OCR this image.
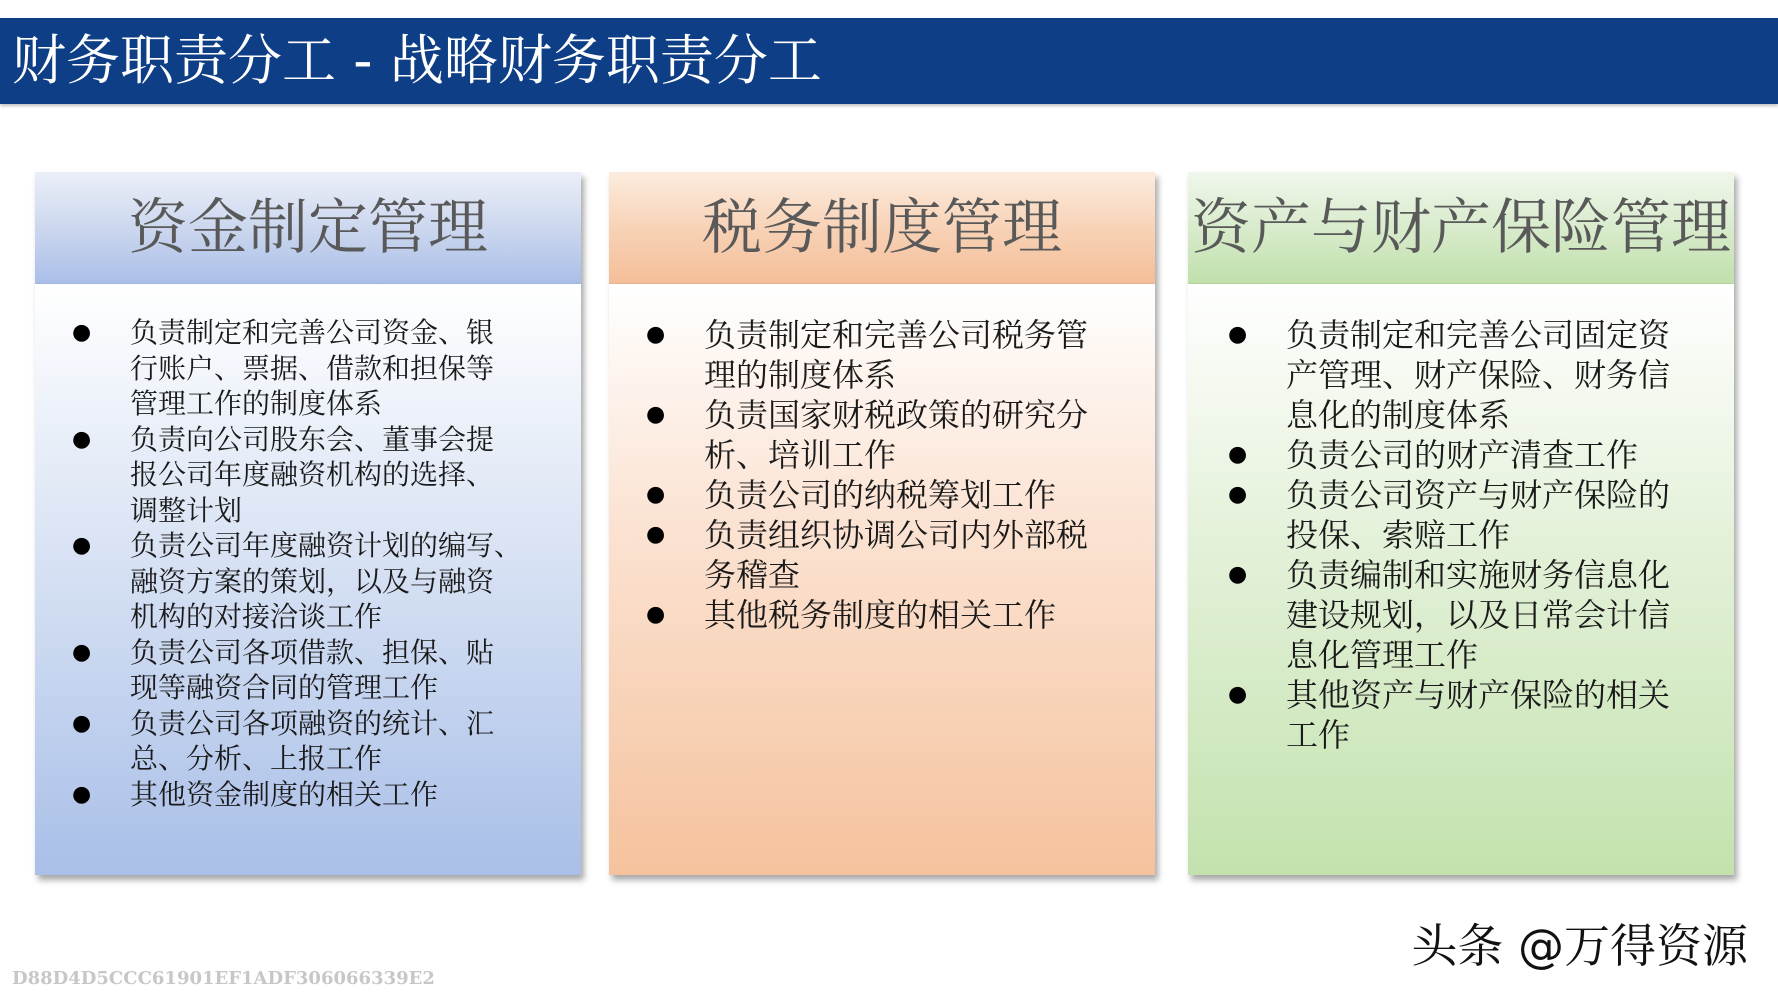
财务职责分工 - 战略财务职责分工
资金制定管理
● 负责制定和完善公司资金、银
行账户、票据、借款和担保等
管理工作的制度体系
● 负责向公司股东会、董事会提
报公司年度融资机构的选择、
调整计划
● 负责公司年度融资计划的编写、
融资方案的策划，以及与融资
机构的对接洽谈工作
● 负责公司各项借款、担保、贴
现等融资合同的管理工作
● 负责公司各项融资的统计、汇
总、分析、上报工作
● 其他资金制度的相关工作
税务制度管理
● 负责制定和完善公司税务管
理的制度体系
● 负责国家财税政策的研究分
析、培训工作
● 负责公司的纳税筹划工作
● 负责组织协调公司内外部税
务稽查
● 其他税务制度的相关工作
资产与财产保险管理
● 负责制定和完善公司固定资
产管理、财产保险、财务信
息化的制度体系
● 负责公司的财产清查工作
● 负责公司资产与财产保险的
投保、索赔工作
● 负责编制和实施财务信息化
建设规划，以及日常会计信
息化管理工作
● 其他资产与财产保险的相关
工作
头条 @万得资源
D88D4D5CCC61901EF1ADF306066339E2
